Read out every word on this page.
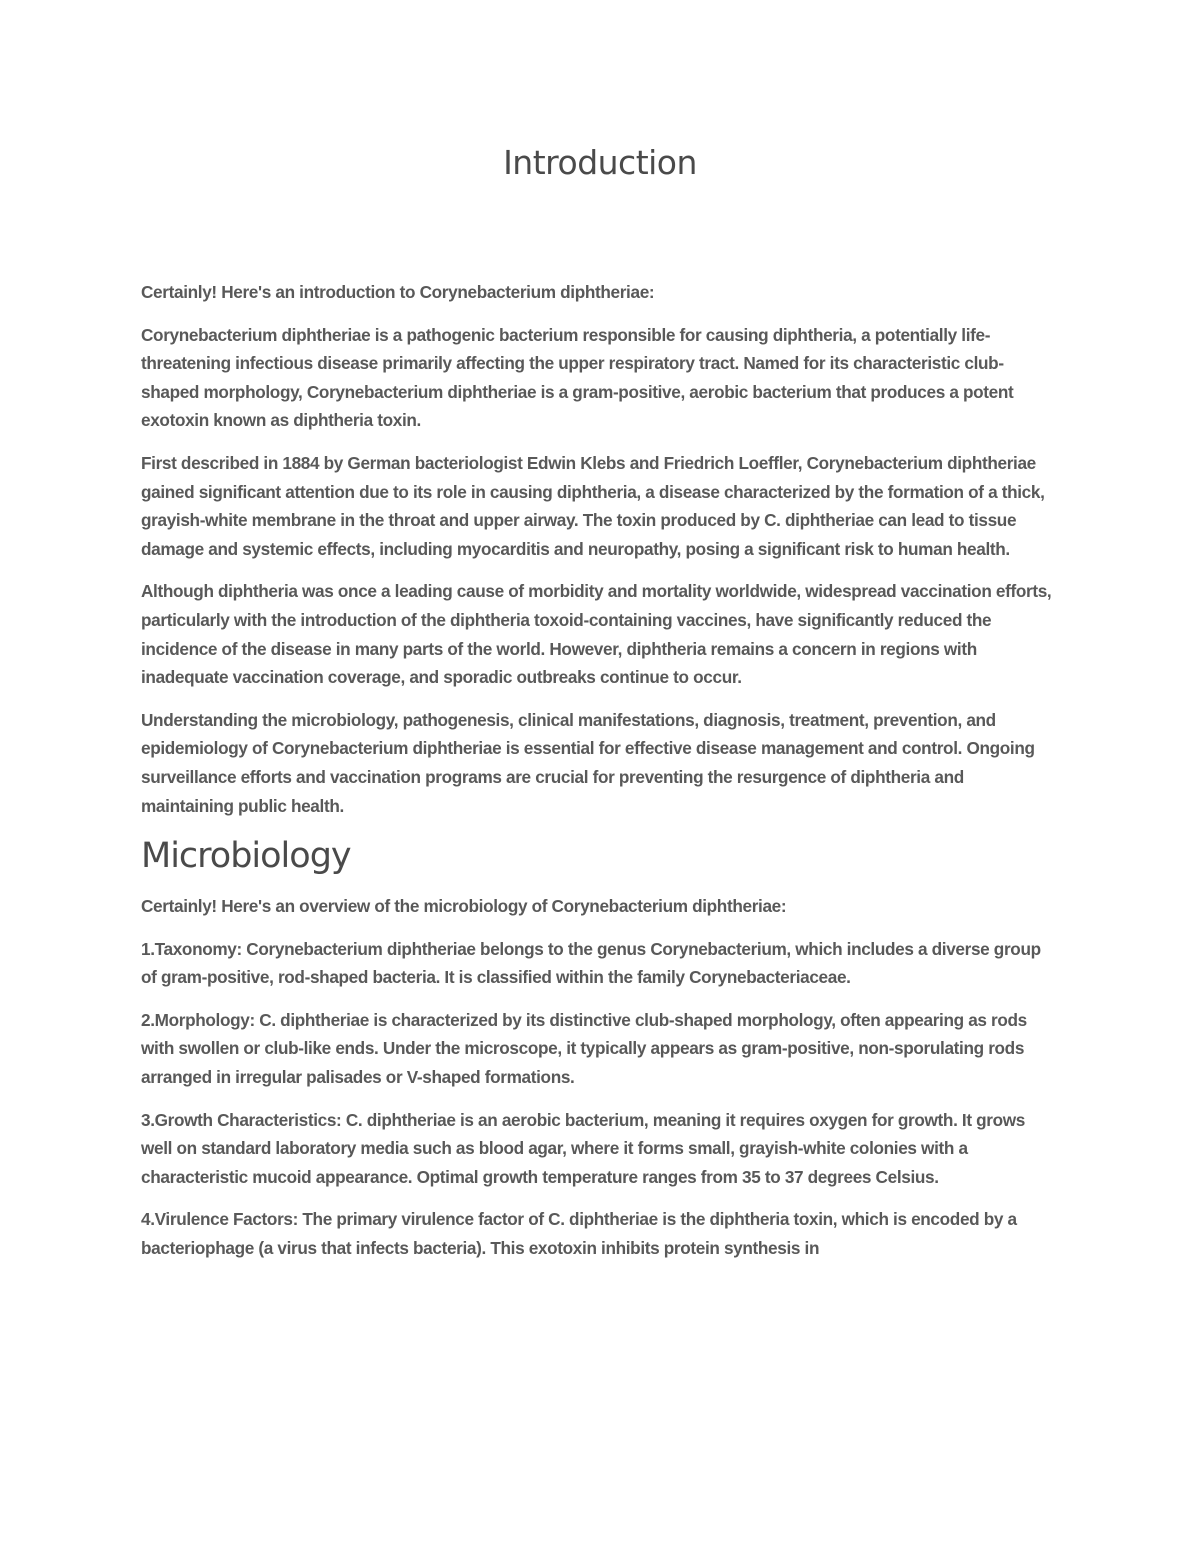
Introduction

Certainly! Here's an introduction to Corynebacterium diphtheriae:

Corynebacterium diphtheriae is a pathogenic bacterium responsible for causing diphtheria, a potentially life-threatening infectious disease primarily affecting the upper respiratory tract. Named for its characteristic club-shaped morphology, Corynebacterium diphtheriae is a gram-positive, aerobic bacterium that produces a potent exotoxin known as diphtheria toxin.

First described in 1884 by German bacteriologist Edwin Klebs and Friedrich Loeffler, Corynebacterium diphtheriae gained significant attention due to its role in causing diphtheria, a disease characterized by the formation of a thick, grayish-white membrane in the throat and upper airway. The toxin produced by C. diphtheriae can lead to tissue damage and systemic effects, including myocarditis and neuropathy, posing a significant risk to human health.

Although diphtheria was once a leading cause of morbidity and mortality worldwide, widespread vaccination efforts, particularly with the introduction of the diphtheria toxoid-containing vaccines, have significantly reduced the incidence of the disease in many parts of the world. However, diphtheria remains a concern in regions with inadequate vaccination coverage, and sporadic outbreaks continue to occur.

Understanding the microbiology, pathogenesis, clinical manifestations, diagnosis, treatment, prevention, and epidemiology of Corynebacterium diphtheriae is essential for effective disease management and control. Ongoing surveillance efforts and vaccination programs are crucial for preventing the resurgence of diphtheria and maintaining public health.

Microbiology

Certainly! Here's an overview of the microbiology of Corynebacterium diphtheriae:

1.Taxonomy: Corynebacterium diphtheriae belongs to the genus Corynebacterium, which includes a diverse group of gram-positive, rod-shaped bacteria. It is classified within the family Corynebacteriaceae.

2.Morphology: C. diphtheriae is characterized by its distinctive club-shaped morphology, often appearing as rods with swollen or club-like ends. Under the microscope, it typically appears as gram-positive, non-sporulating rods arranged in irregular palisades or V-shaped formations.

3.Growth Characteristics: C. diphtheriae is an aerobic bacterium, meaning it requires oxygen for growth. It grows well on standard laboratory media such as blood agar, where it forms small, grayish-white colonies with a characteristic mucoid appearance. Optimal growth temperature ranges from 35 to 37 degrees Celsius.

4.Virulence Factors: The primary virulence factor of C. diphtheriae is the diphtheria toxin, which is encoded by a bacteriophage (a virus that infects bacteria). This exotoxin inhibits protein synthesis in
